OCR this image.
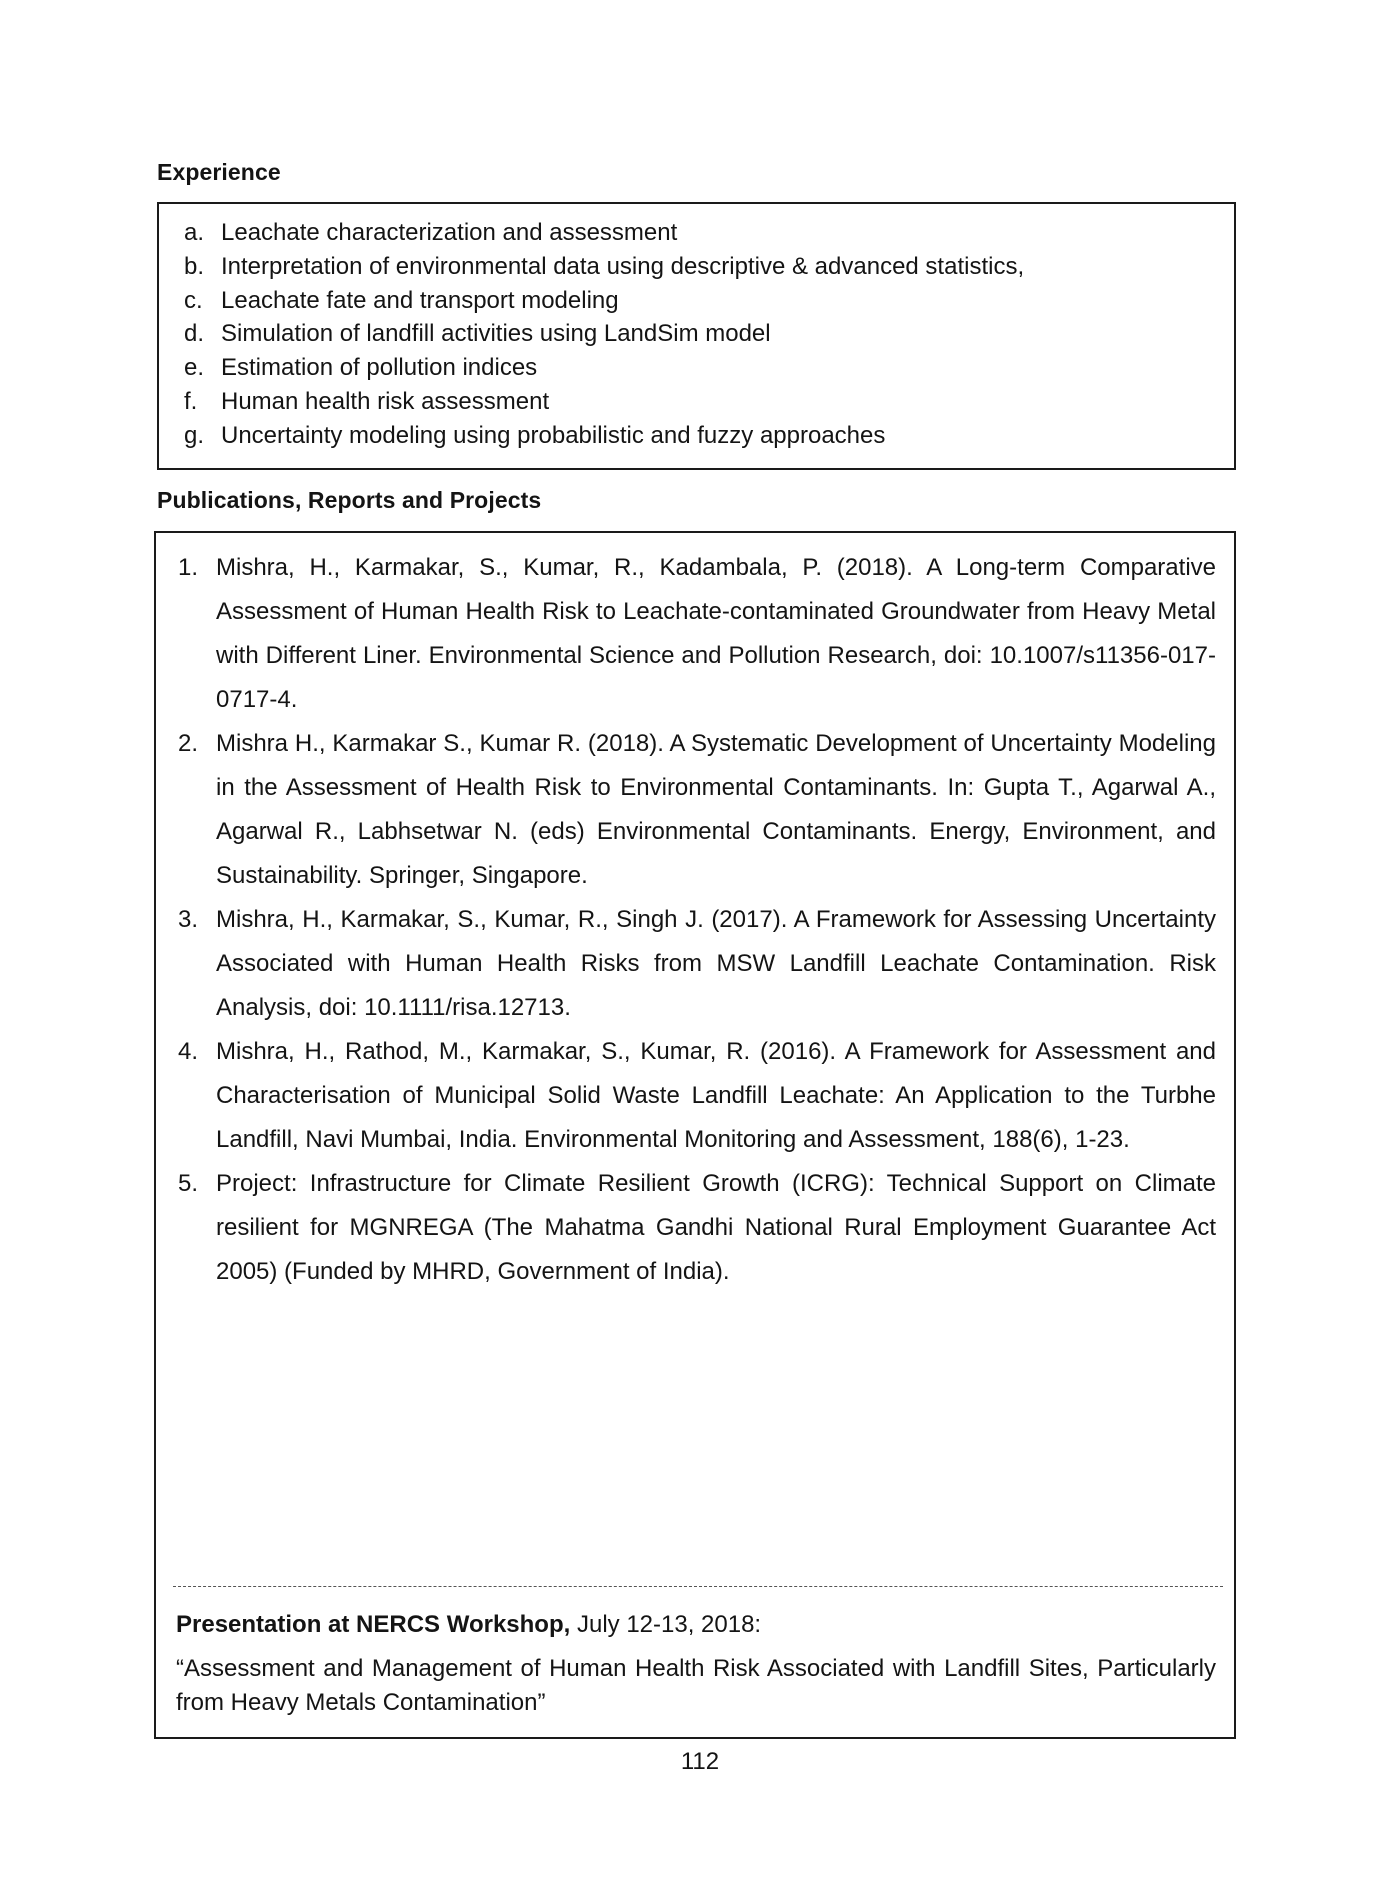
Experience
a. Leachate characterization and assessment
b. Interpretation of environmental data using descriptive & advanced statistics,
c. Leachate fate and transport modeling
d. Simulation of landfill activities using LandSim model
e. Estimation of pollution indices
f. Human health risk assessment
g. Uncertainty modeling using probabilistic and fuzzy approaches
Publications, Reports and Projects
1. Mishra, H., Karmakar, S., Kumar, R., Kadambala, P. (2018). A Long-term Comparative Assessment of Human Health Risk to Leachate-contaminated Groundwater from Heavy Metal with Different Liner. Environmental Science and Pollution Research, doi: 10.1007/s11356-017-0717-4.
2. Mishra H., Karmakar S., Kumar R. (2018). A Systematic Development of Uncertainty Modeling in the Assessment of Health Risk to Environmental Contaminants. In: Gupta T., Agarwal A., Agarwal R., Labhsetwar N. (eds) Environmental Contaminants. Energy, Environment, and Sustainability. Springer, Singapore.
3. Mishra, H., Karmakar, S., Kumar, R., Singh J. (2017). A Framework for Assessing Uncertainty Associated with Human Health Risks from MSW Landfill Leachate Contamination. Risk Analysis, doi: 10.1111/risa.12713.
4. Mishra, H., Rathod, M., Karmakar, S., Kumar, R. (2016). A Framework for Assessment and Characterisation of Municipal Solid Waste Landfill Leachate: An Application to the Turbhe Landfill, Navi Mumbai, India. Environmental Monitoring and Assessment, 188(6), 1-23.
5. Project: Infrastructure for Climate Resilient Growth (ICRG): Technical Support on Climate resilient for MGNREGA (The Mahatma Gandhi National Rural Employment Guarantee Act 2005) (Funded by MHRD, Government of India).
Presentation at NERCS Workshop, July 12-13, 2018:
“Assessment and Management of Human Health Risk Associated with Landfill Sites, Particularly from Heavy Metals Contamination”
112
